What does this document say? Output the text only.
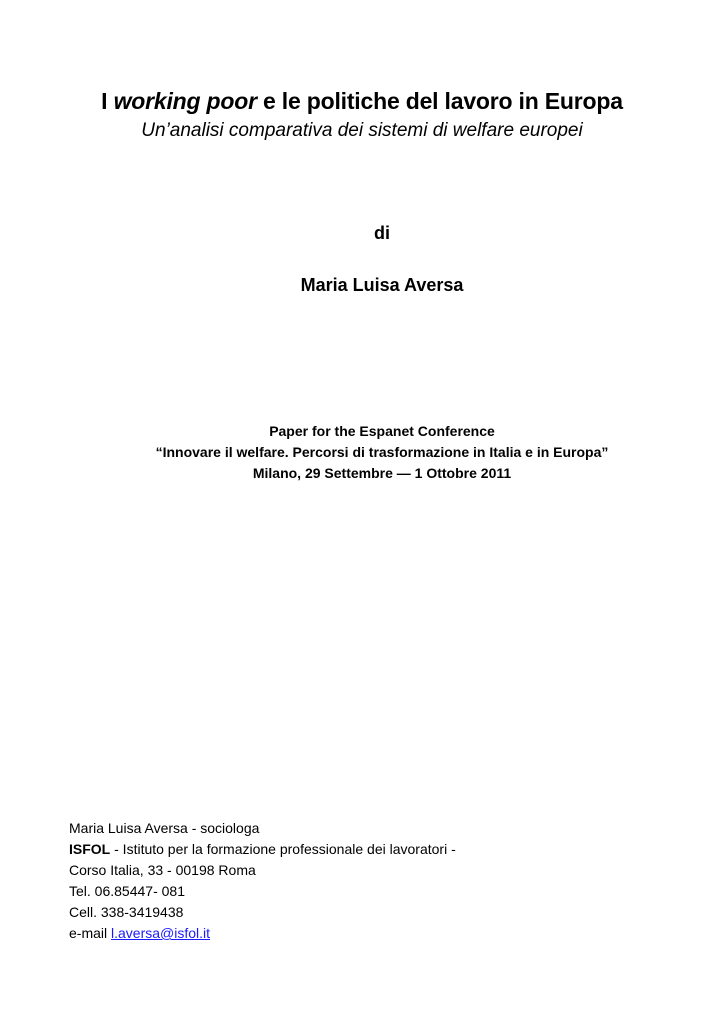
I working poor e le politiche del lavoro in Europa
Un’analisi comparativa dei sistemi di welfare europei
di
Maria Luisa Aversa
Paper for the Espanet Conference
“Innovare il welfare. Percorsi di trasformazione in Italia e in Europa”
Milano, 29 Settembre — 1 Ottobre 2011
Maria Luisa Aversa - sociologa
ISFOL - Istituto per la formazione professionale dei lavoratori -
Corso Italia, 33 - 00198 Roma
Tel. 06.85447- 081
Cell. 338-3419438
e-mail l.aversa@isfol.it
